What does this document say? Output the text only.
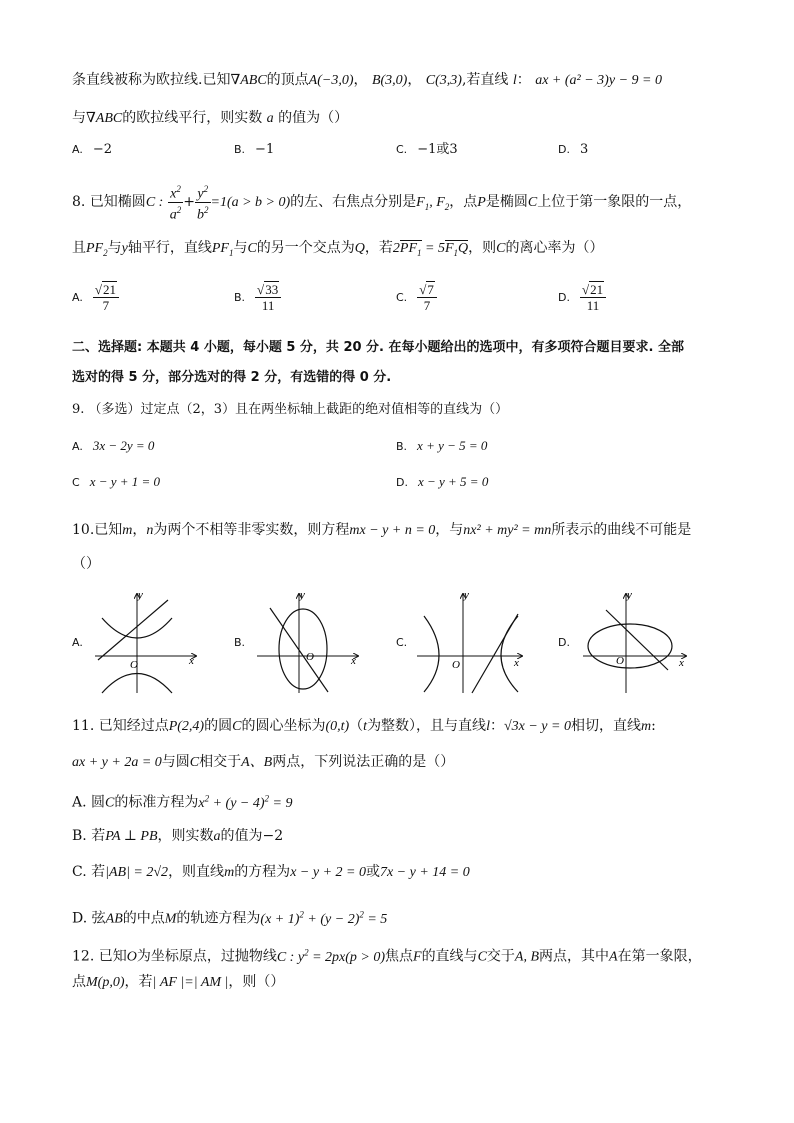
条直线被称为欧拉线.已知∇ABC的顶点A(−3,0)， B(3,0)， C(3,3),若直线 l： ax + (a² − 3)y − 9 = 0
与∇ABC的欧拉线平行，则实数 a 的值为（）
A. −2	B. −1	C. −1或3	D. 3
8. 已知椭圆C : $\frac{x^2}{a^2} + \frac{y^2}{b^2} =1(a > b > 0)$的左、右焦点分别是$F_1$, $F_2$，点P是椭圆C上位于第一象限的一点，
且$PF_2$与y轴平行，直线$PF_1$与C的另一个交点为Q，若$2PF_1 = 5F_1Q$，则C的离心率为（）
A. $\frac{√21}{7}$	B. $\frac{√33}{11}$	C. $\frac{√7}{7}$	D. $\frac{√21}{11}$
二、选择题: 本题共 4 小题，每小题 5 分，共 20 分. 在每小题给出的选项中，有多项符合题目要求. 全部
选对的得 5 分，部分选对的得 2 分，有选错的得 0 分.
9. （多选）过定点（2，3）且在两坐标轴上截距的绝对值相等的直线为（）
A. 3x − 2y = 0	B. x + y − 5 = 0
C x − y + 1 = 0	D. x − y + 5 = 0
10.已知m，n为两个不相等非零实数，则方程mx − y + n = 0，与nx² + my² = mn所表示的曲线不可能是
（）
A.
y
x
O
B.
y
x
O
C.
y
x
O
D.
y
x
O
11. 已知经过点P(2,4)的圆C的圆心坐标为(0,t)（t为整数），且与直线l：√3x − y = 0相切，直线m:
ax + y + 2a = 0与圆C相交于A、B两点，下列说法正确的是（）
A. 圆C的标准方程为$x^2 + (y - 4)^2 = 9$
B. 若PA ⊥ PB，则实数a的值为−2
C. 若|AB| = 2√2，则直线m的方程为x − y + 2 = 0或7x − y + 14 = 0
D. 弦AB的中点M的轨迹方程为$(x + 1)^2 + (y - 2)^2 = 5$
12. 已知O为坐标原点，过抛物线C : $y^2 = 2px(p > 0)$焦点F的直线与C交于A, B两点，其中A在第一象限，
点M(p,0)，若| AF |=| AM |，则（）
